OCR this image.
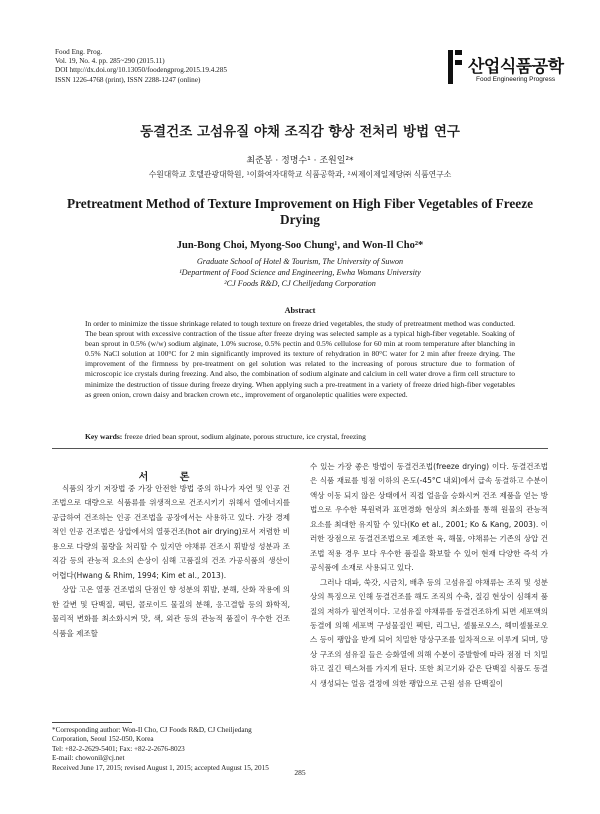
Food Eng. Prog.
Vol. 19, No. 4. pp. 285~290 (2015.11)
DOI http://dx.doi.org/10.13050/foodengprog.2015.19.4.285
ISSN 1226-4768 (print), ISSN 2288-1247 (online)
산업식품공학
Food Engineering Progress
동결건조 고섬유질 야채 조직감 향상 전처리 방법 연구
최준봉 · 정명수¹ · 조원일²*
수원대학교 호텔관광대학원, ¹이화여자대학교 식품공학과, ²씨제이제일제당㈜ 식품연구소
Pretreatment Method of Texture Improvement on High Fiber Vegetables of Freeze Drying
Jun-Bong Choi, Myong-Soo Chung¹, and Won-Il Cho²*
Graduate School of Hotel & Tourism, The University of Suwon
¹Department of Food Science and Engineering, Ewha Womans University
²CJ Foods R&D, CJ Cheiljedang Corporation
Abstract
In order to minimize the tissue shrinkage related to tough texture on freeze dried vegetables, the study of pretreatment method was conducted. The bean sprout with excessive contraction of the tissue after freeze drying was selected sample as a typical high-fiber vegetable. Soaking of bean sprout in 0.5% (w/w) sodium alginate, 1.0% sucrose, 0.5% pectin and 0.5% cellulose for 60 min at room temperature after blanching in 0.5% NaCl solution at 100°C for 2 min significantly improved its texture of rehydration in 80°C water for 2 min after freeze drying. The improvement of the firmness by pre-treatment on gel solution was related to the increasing of porous structure due to formation of microscopic ice crystals during freezing. And also, the combination of sodium alginate and calcium in cell water drove a firm cell structure to minimize the destruction of tissue during freeze drying. When applying such a pre-treatment in a variety of freeze dried high-fiber vegetables as green onion, crown daisy and bracken crown etc., improvement of organoleptic qualities were expected.
Key wards: freeze dried bean sprout, sodium alginate, porous structure, ice crystal, freezing
서 론

식품의 장기 저장법 중 가장 안전한 방법 중의 하나가 자연 및 인공 건조법으로 대량으로 식품류를 위생적으로 건조시키기 위해서 열에너지를 공급하여 건조하는 인공 건조법을 공장에서는 사용하고 있다. 가장 경제적인 인공 건조법은 상압에서의 열풍건조(hot air drying)로서 저렴한 비용으로 다량의 물량을 처리할 수 있지만 야채류 건조시 휘발성 성분과 조직감 등의 관능적 요소의 손상이 심해 고품질의 건조 가공식품의 생산이 어렵다(Hwang & Rhim, 1994; Kim et al., 2013).

상압 고온 열풍 건조법의 단점인 향 성분의 휘발, 분해, 산화 작용에 의한 갈변 및 단백질, 펙틴, 콜로이드 물질의 분해, 응고결합 등의 화학적, 물리적 변화를 최소화시켜 맛, 색, 외관 등의 관능적 품질이 우수한 건조 식품을 제조할

수 있는 가장 좋은 방법이 동결건조법(freeze drying) 이다. 동결건조법은 식품 재료를 빙점 이하의 온도(-45°C 내외)에서 급속 동결하고 수분이 액상 이동 되지 않은 상태에서 직접 얼음을 승화시켜 건조 제품을 얻는 방법으로 우수한 복원력과 표면경화 현상의 최소화를 통해 원물의 관능적 요소를 최대한 유지할 수 있다(Ko et al., 2001; Ko & Kang, 2003). 이러한 장점으로 동결건조법으로 제조한 육, 해물, 야채류는 기존의 상압 건조법 적용 경우 보다 우수한 품질을 확보할 수 있어 현재 다양한 즉석 가공식품에 소재로 사용되고 있다.

그러나 대파, 쑥갓, 시금치, 배추 등의 고섬유질 야채류는 조직 및 성분상의 특징으로 인해 동결건조를 해도 조직의 수축, 질김 현상이 심해져 품질의 저하가 필연적이다. 고섬유질 야채류를 동결건조하게 되면 세포액의 동결에 의해 세포벽 구성물질인 펙틴, 리그닌, 셀룰로오스, 헤미셀룰로오스 등이 팽압을 받게 되어 치밀한 망상구조를 일차적으로 이루게 되며, 망상 구조의 섬유질 들은 승화열에 의해 수분이 증발함에 따라 점점 더 치밀하고 질긴 텍스쳐를 가지게 된다. 또한 최고기와 같은 단백질 식품도 동결시 생성되는 얼음 결정에 의한 팽압으로 근원 섬유 단백질이

*Corresponding author: Won-Il Cho, CJ Foods R&D, CJ Cheiljedang Corporation, Seoul 152-050, Korea
Tel: +82-2-2629-5401; Fax: +82-2-2676-8023
E-mail: chowonil@cj.net
Received June 17, 2015; revised August 1, 2015; accepted August 15, 2015
285
